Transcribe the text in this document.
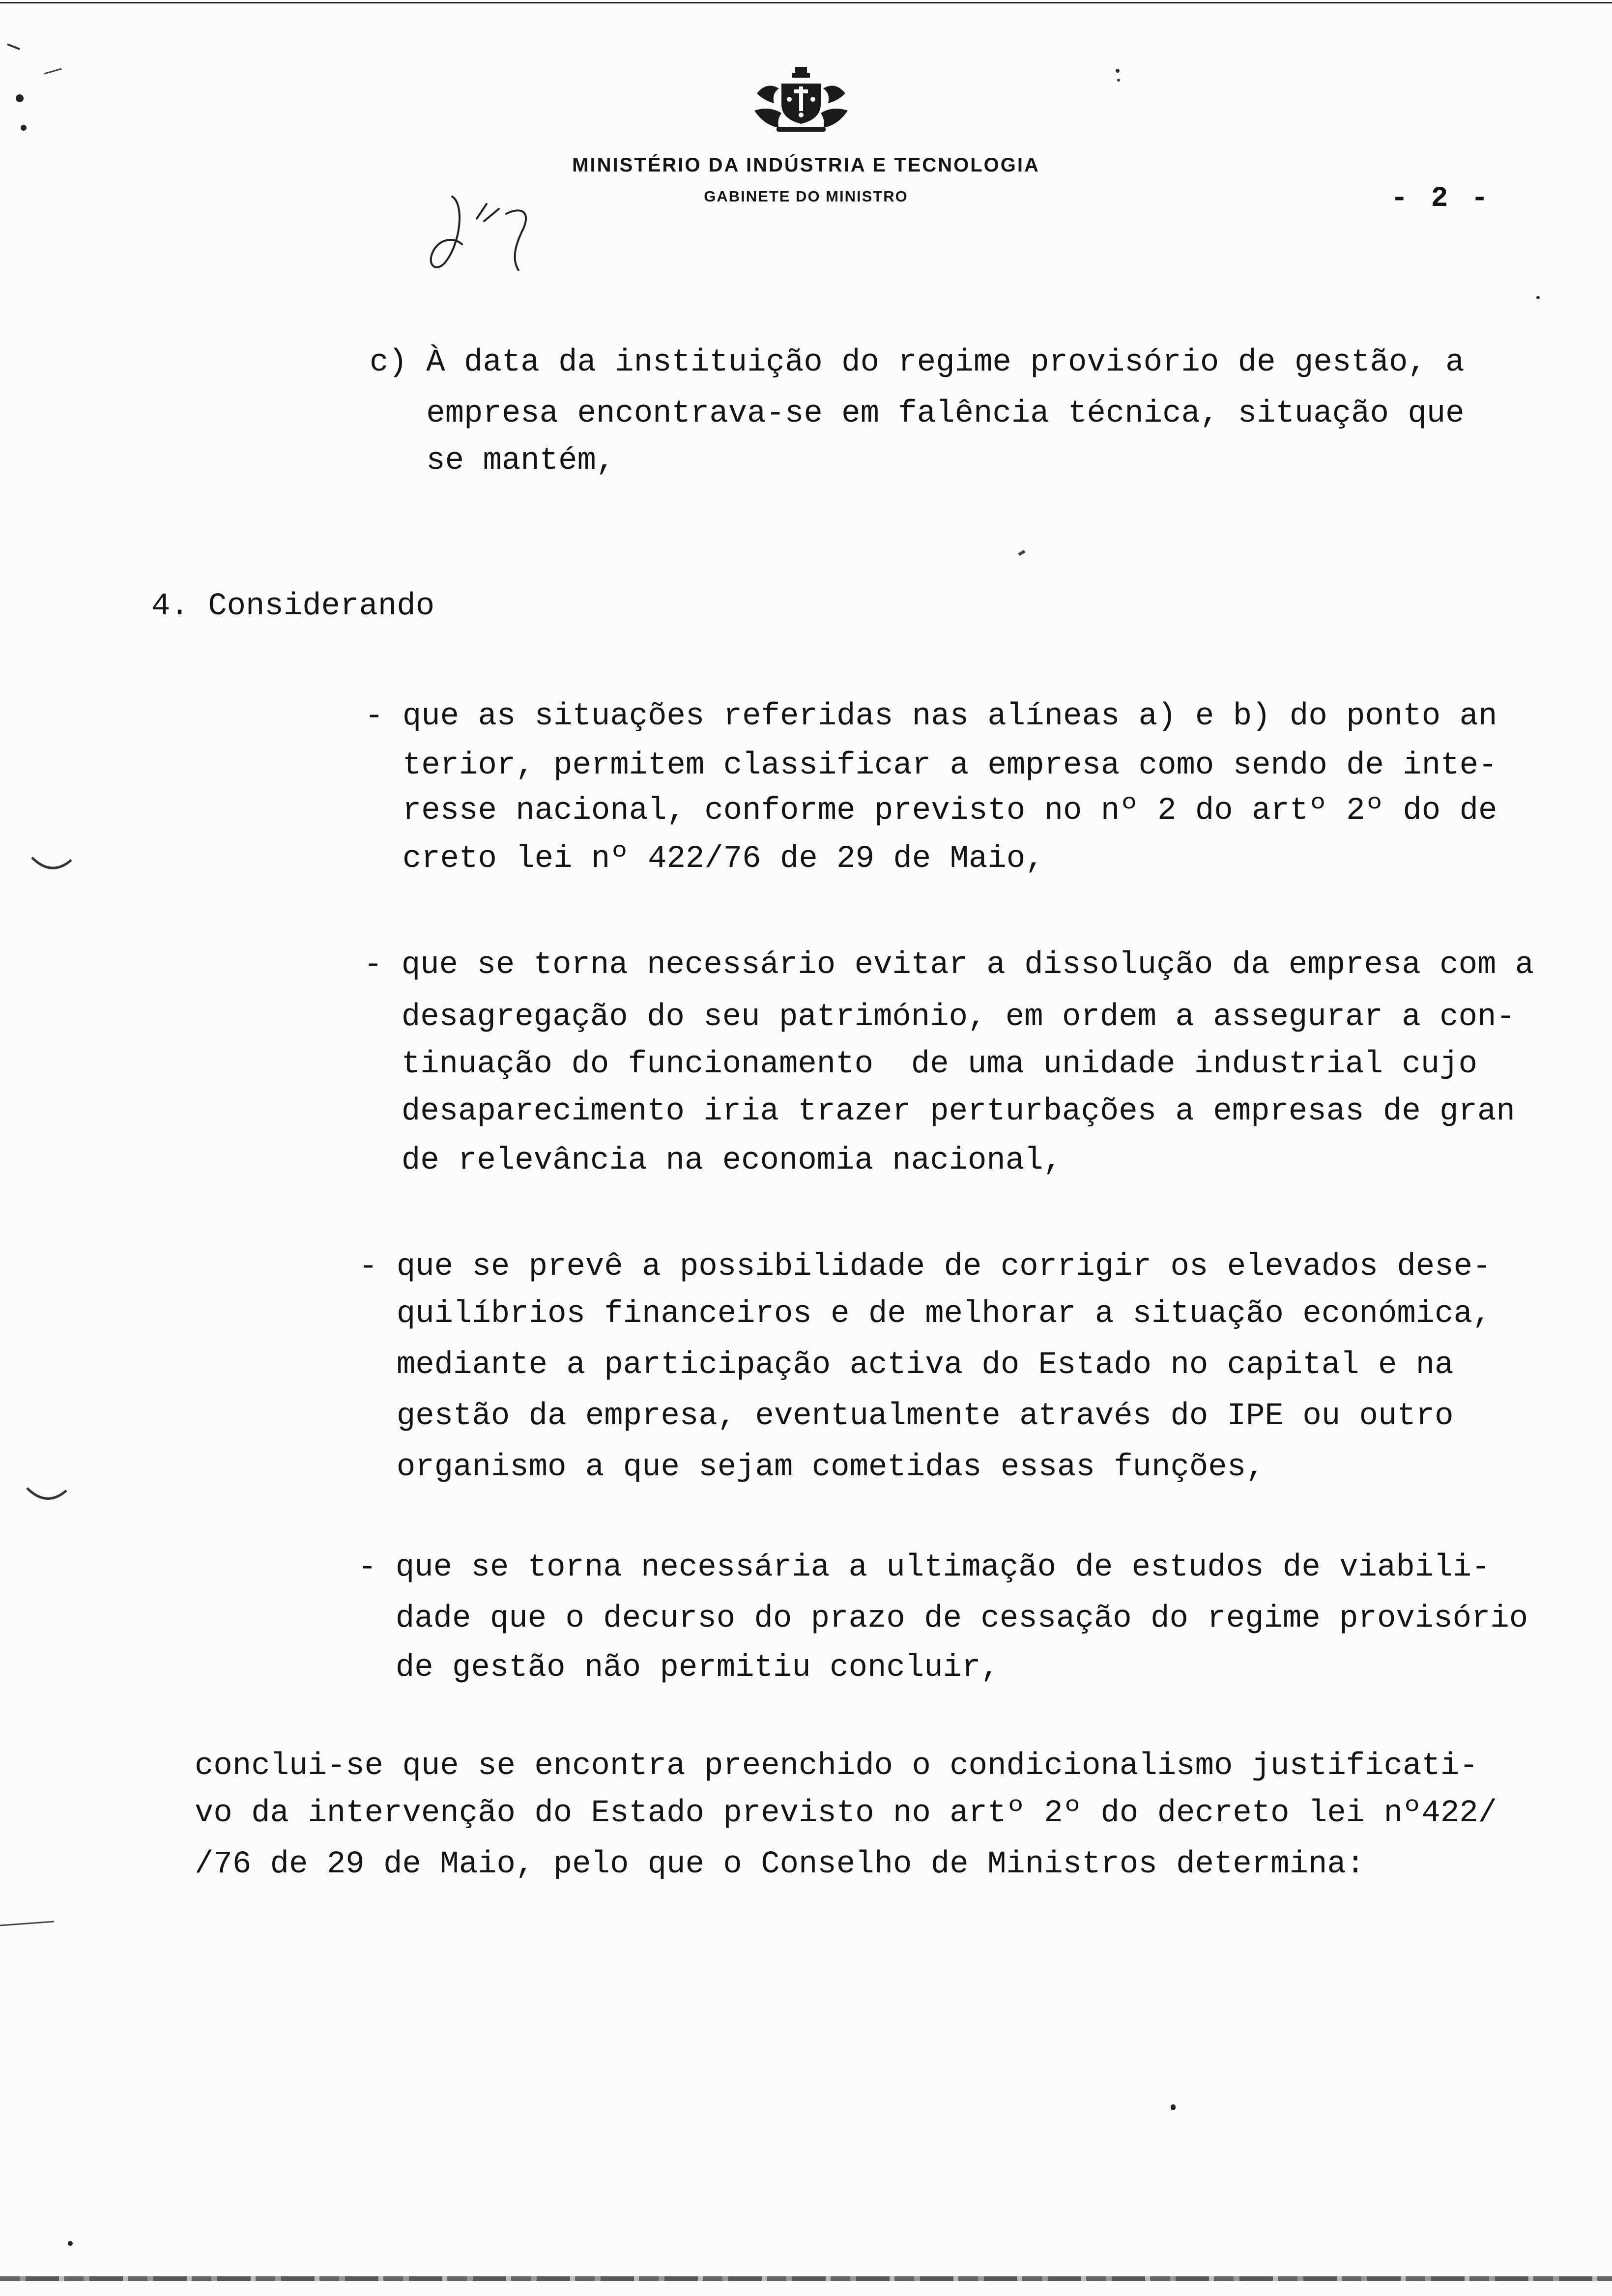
MINISTÉRIO DA INDÚSTRIA E TECNOLOGIA
GABINETE DO MINISTRO	- 2 -
c) À data da instituição do regime provisório de gestão, a
empresa encontrava-se em falência técnica, situação que
se mantém,
4. Considerando
- que as situações referidas nas alíneas a) e b) do ponto an
terior, permitem classificar a empresa como sendo de inte-
resse nacional, conforme previsto no nº 2 do artº 2º do de
creto lei nº 422/76 de 29 de Maio,
- que se torna necessário evitar a dissolução da empresa com a
desagregação do seu património, em ordem a assegurar a con-
tinuação do funcionamento  de uma unidade industrial cujo
desaparecimento iria trazer perturbações a empresas de gran
de relevância na economia nacional,
- que se prevê a possibilidade de corrigir os elevados dese-
quilíbrios financeiros e de melhorar a situação económica,
mediante a participação activa do Estado no capital e na
gestão da empresa, eventualmente através do IPE ou outro
organismo a que sejam cometidas essas funções,
- que se torna necessária a ultimação de estudos de viabili-
dade que o decurso do prazo de cessação do regime provisório
de gestão não permitiu concluir,
conclui-se que se encontra preenchido o condicionalismo justificati-
vo da intervenção do Estado previsto no artº 2º do decreto lei nº422/
/76 de 29 de Maio, pelo que o Conselho de Ministros determina:
